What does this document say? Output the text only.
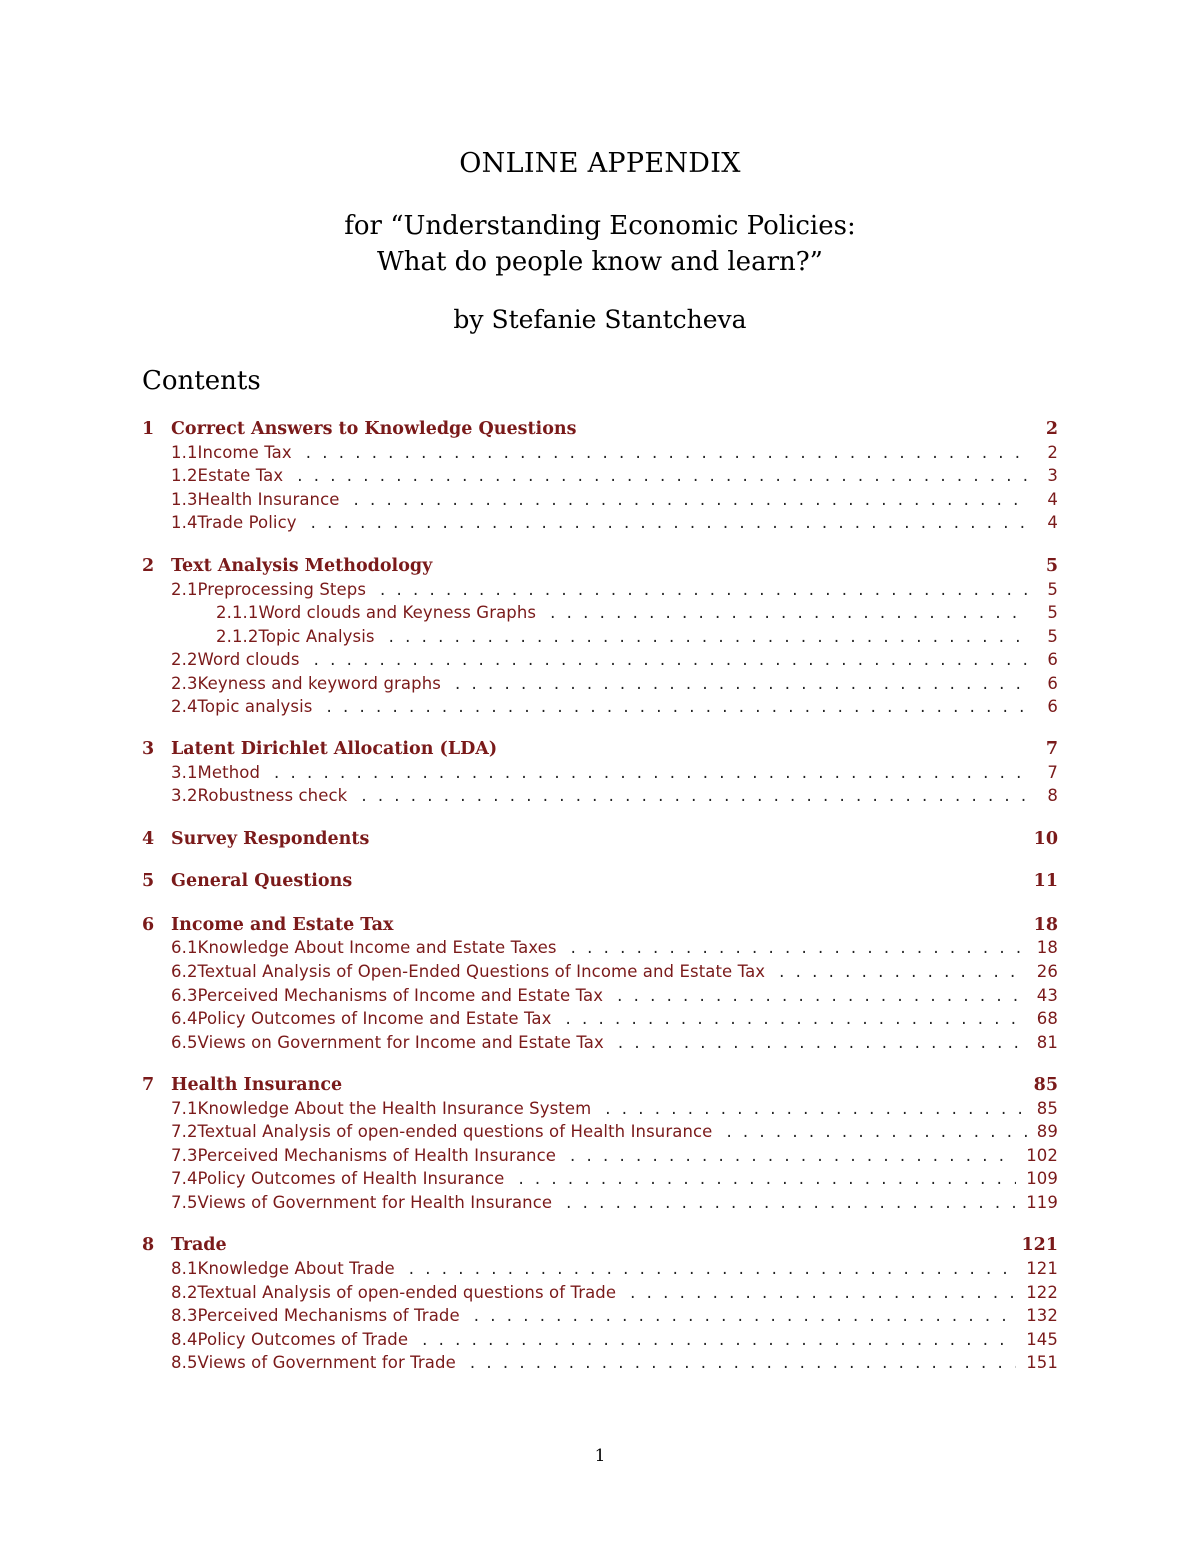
ONLINE APPENDIX
for “Understanding Economic Policies:
What do people know and learn?”
by Stefanie Stantcheva
Contents
1 Correct Answers to Knowledge Questions	2
1.1 Income Tax . . .	2
1.2 Estate Tax . . .	3
1.3 Health Insurance . . .	4
1.4 Trade Policy . . .	4
2 Text Analysis Methodology	5
2.1 Preprocessing Steps . . .	5
2.1.1 Word clouds and Keyness Graphs . . .	5
2.1.2 Topic Analysis . . .	5
2.2 Word clouds . . .	6
2.3 Keyness and keyword graphs . . .	6
2.4 Topic analysis . . .	6
3 Latent Dirichlet Allocation (LDA)	7
3.1 Method . . .	7
3.2 Robustness check . . .	8
4 Survey Respondents	10
5 General Questions	11
6 Income and Estate Tax	18
6.1 Knowledge About Income and Estate Taxes . . .	18
6.2 Textual Analysis of Open-Ended Questions of Income and Estate Tax . . .	26
6.3 Perceived Mechanisms of Income and Estate Tax . . .	43
6.4 Policy Outcomes of Income and Estate Tax . . .	68
6.5 Views on Government for Income and Estate Tax . . .	81
7 Health Insurance	85
7.1 Knowledge About the Health Insurance System . . .	85
7.2 Textual Analysis of open-ended questions of Health Insurance . . .	89
7.3 Perceived Mechanisms of Health Insurance . . .	102
7.4 Policy Outcomes of Health Insurance . . .	109
7.5 Views of Government for Health Insurance . . .	119
8 Trade	121
8.1 Knowledge About Trade . . .	121
8.2 Textual Analysis of open-ended questions of Trade . . .	122
8.3 Perceived Mechanisms of Trade . . .	132
8.4 Policy Outcomes of Trade . . .	145
8.5 Views of Government for Trade . . .	151
1
